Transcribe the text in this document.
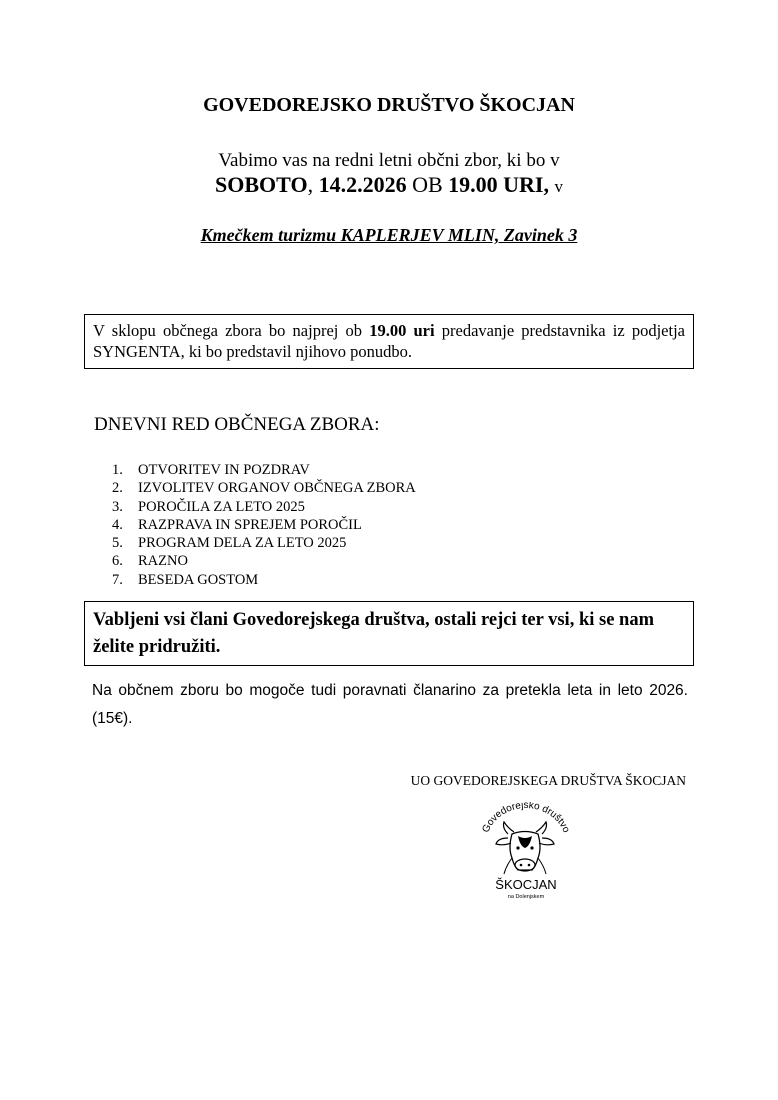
GOVEDOREJSKO DRUŠTVO ŠKOCJAN
Vabimo vas na redni letni občni zbor, ki bo v
SOBOTO, 14.2.2026 OB 19.00 URI, v
Kmečkem turizmu KAPLERJEV MLIN, Zavinek 3
V sklopu občnega zbora bo najprej ob 19.00 uri predavanje predstavnika iz podjetja SYNGENTA, ki bo predstavil njihovo ponudbo.
DNEVNI RED OBČNEGA ZBORA:
1.	OTVORITEV IN POZDRAV
2.	IZVOLITEV ORGANOV OBČNEGA ZBORA
3.	POROČILA ZA LETO 2025
4.	RAZPRAVA IN SPREJEM POROČIL
5.	PROGRAM DELA ZA LETO 2025
6.	RAZNO
7.	BESEDA GOSTOM
Vabljeni vsi člani Govedorejskega društva, ostali rejci ter vsi, ki se nam želite pridružiti.
Na občnem zboru bo mogoče tudi poravnati članarino za pretekla leta in leto 2026. (15€).
UO GOVEDOREJSKEGA DRUŠTVA ŠKOCJAN
Govedorejsko društvo
ŠKOCJAN
na Dolenjskem
